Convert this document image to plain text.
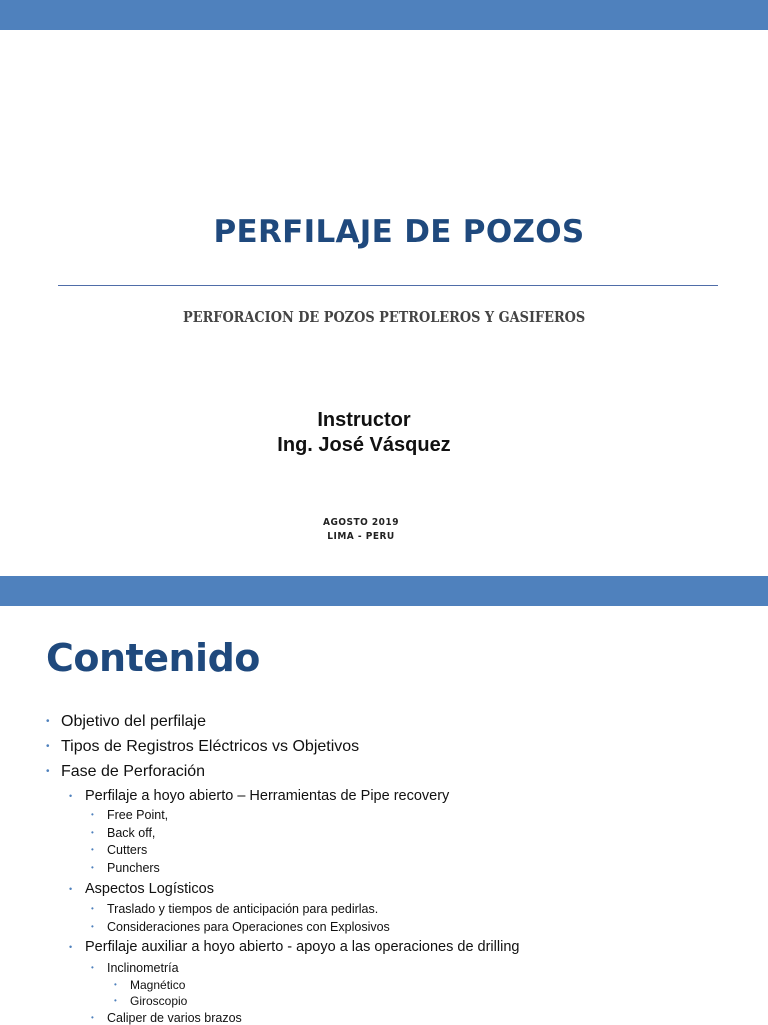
PERFILAJE DE POZOS
PERFORACION DE POZOS PETROLEROS Y GASIFEROS
Instructor
Ing. José Vásquez
AGOSTO 2019
LIMA - PERU
Contenido
• Objetivo del perfilaje
• Tipos de Registros Eléctricos vs Objetivos
• Fase de Perforación
• Perfilaje a hoyo abierto – Herramientas de Pipe recovery
• Free Point,
• Back off,
• Cutters
• Punchers
• Aspectos Logísticos
• Traslado y tiempos de anticipación para pedirlas.
• Consideraciones para Operaciones con Explosivos
• Perfilaje auxiliar a hoyo abierto - apoyo a las operaciones de drilling
• Inclinometría
• Magnético
• Giroscopio
• Caliper de varios brazos
